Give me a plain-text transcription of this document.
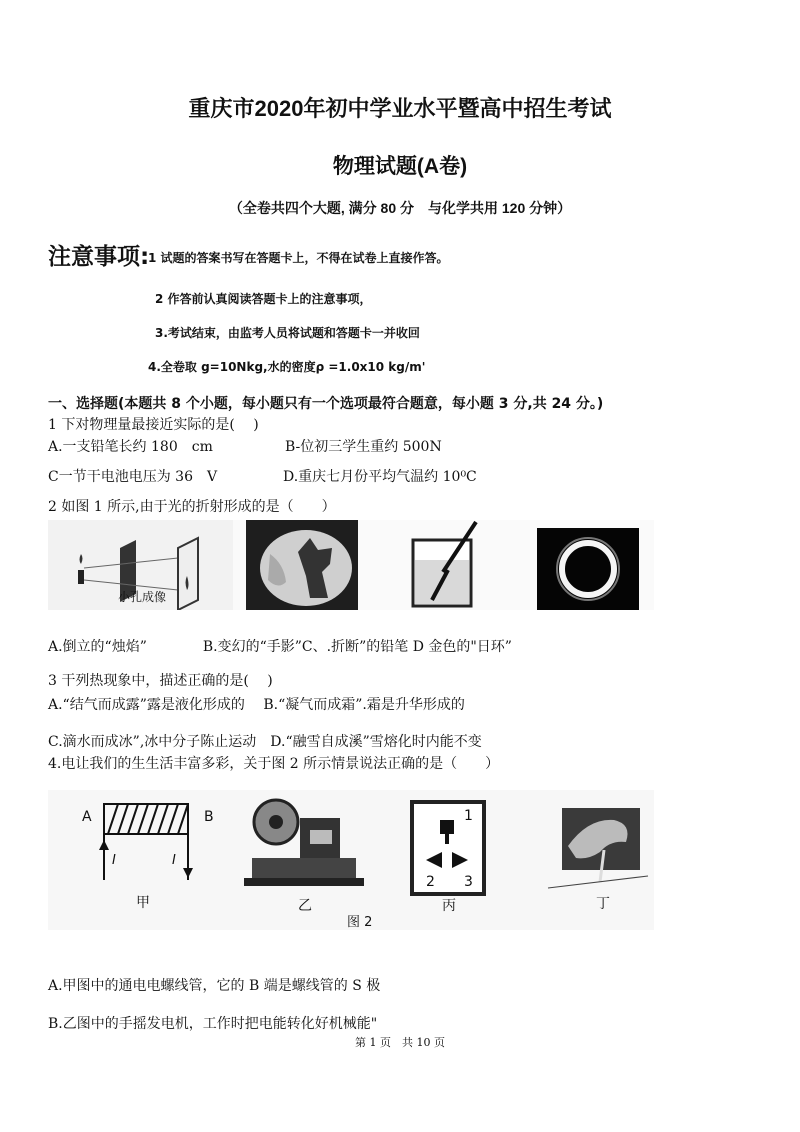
重庆市2020年初中学业水平暨高中招生考试
物理试题(A卷)
（全卷共四个大题, 满分 80 分　与化学共用 120 分钟）
注意事项:
1 试题的答案书写在答题卡上，不得在试卷上直接作答。
2 作答前认真阅读答题卡上的注意事项，
3.考试结束，由监考人员将试题和答题卡一并收回
4.全卷取 g=10Nkg,水的密度ρ =1.0x10 kg/m'
一、选择题(本题共 8 个小题，每小题只有一个选项最符合题意，每小题 3 分,共 24 分。)
1 下对物理量最接近实际的是(　 )
A.一支铅笔长约 180　cm	B-位初三学生重约 500N
C一节干电池电压为 36　V	D.重庆七月份平均气温约 10⁰C
2 如图 1 所示,由于光的折射形成的是（　　）
小孔成像
A.倒立的“烛焰”　　　　B.变幻的“手影”C、.折断”的铅笔 D 金色的"日环”
3 干列热现象中，描述正确的是(　 )
A.“结气而成露”露是液化形成的　 B.“凝气而成霜”.霜是升华形成的
C.滴水而成冰”,冰中分子陈止运动　D.“融雪自成溪”雪熔化时内能不变
4.电让我们的生生活丰富多彩，关于图 2 所示情景说法正确的是（　　）
A	B
I	I
甲	乙
1
2 3
丙	丁
图 2
A.甲图中的通电电螺线管，它的 B 端是螺线管的 S 极
B.乙图中的手摇发电机，工作时把电能转化好机械能"
第 1 页　共 10 页
